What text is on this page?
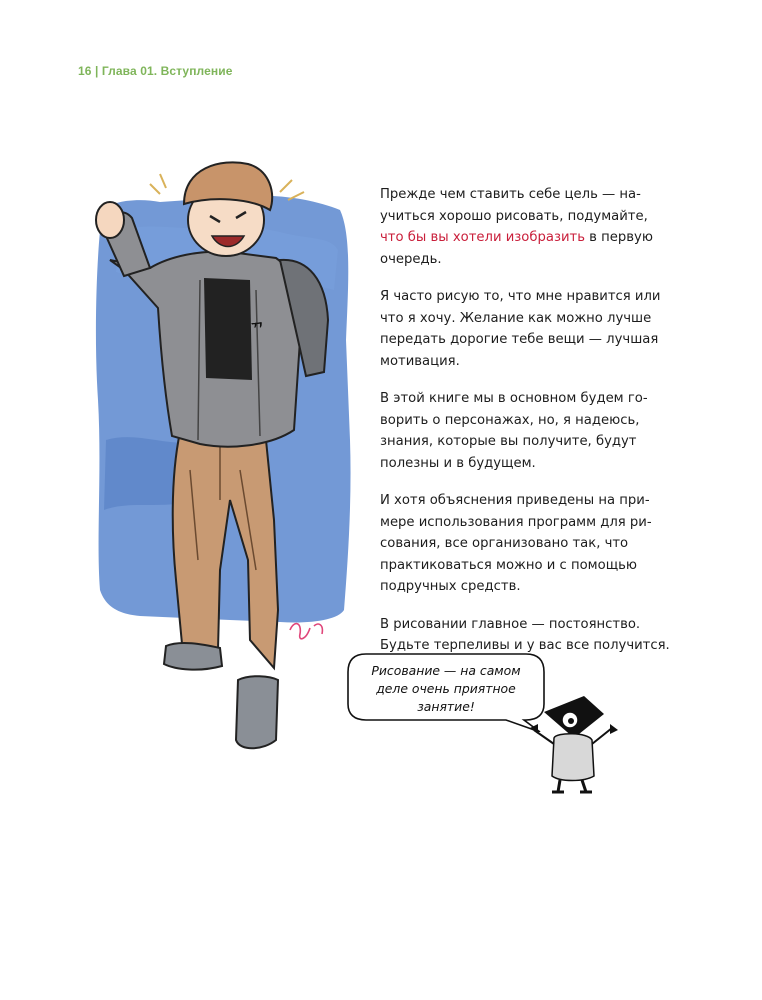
16 | Глава 01. Вступление
ᄁ

Прежде чем ставить себе цель — на-учиться хорошо рисовать, подумайте, что бы вы хотели изобразить в первую очередь.

Я часто рисую то, что мне нравится или что я хочу. Желание как можно лучше передать дорогие тебе вещи — лучшая мотивация.

В этой книге мы в основном будем го-ворить о персонажах, но, я надеюсь, знания, которые вы получите, будут полезны и в будущем.

И хотя объяснения приведены на при-мере использования программ для ри-сования, все организовано так, что практиковаться можно и с помощью подручных средств.

В рисовании главное — постоянство. Будьте терпеливы и у вас все получится.

Рисование — на самом
деле очень приятное
занятие!
